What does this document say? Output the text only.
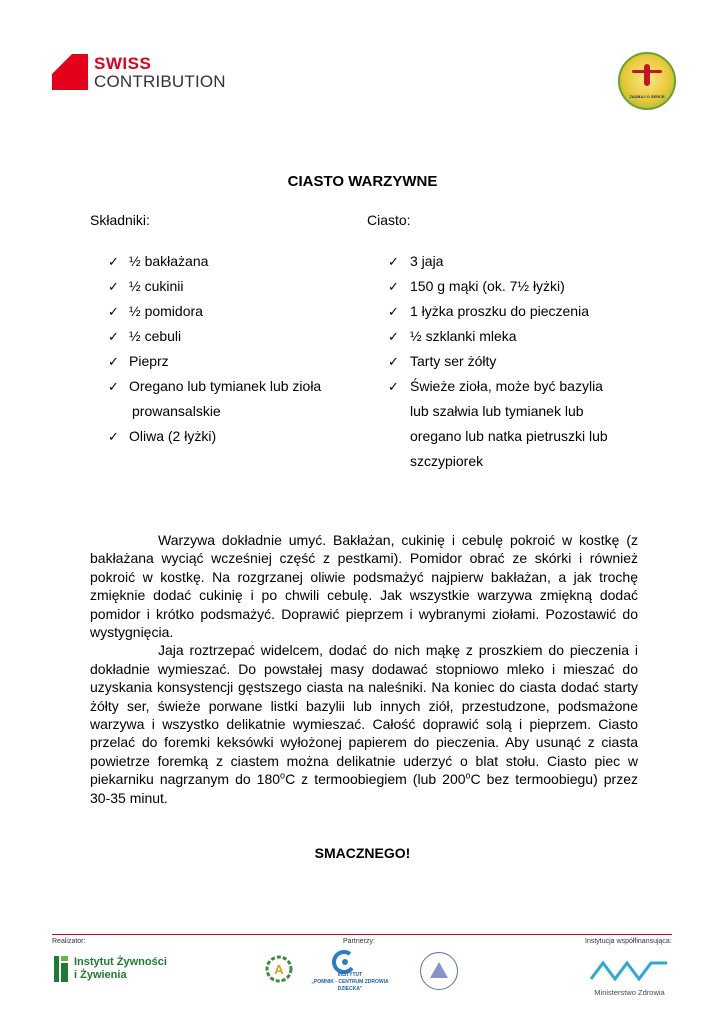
SWISS
CONTRIBUTION
ZADBAJ O SERCE
CIASTO WARZYWNE
Składniki:	Ciasto:
✓ ½ bakłażana
✓ ½ cukinii
✓ ½ pomidora
✓ ½ cebuli
✓ Pieprz
✓ Oregano lub tymianek lub zioła
prowansalskie
✓ Oliwa (2 łyżki)
✓ 3 jaja
✓ 150 g mąki (ok. 7½ łyżki)
✓ 1 łyżka proszku do pieczenia
✓ ½ szklanki mleka
✓ Tarty ser żółty
✓ Świeże zioła, może być bazylia
lub szałwia lub tymianek lub
oregano lub natka pietruszki lub
szczypiorek

Warzywa dokładnie umyć. Bakłażan, cukinię i cebulę pokroić w kostkę (z bakłażana wyciąć wcześniej część z pestkami). Pomidor obrać ze skórki i również pokroić w kostkę. Na rozgrzanej oliwie podsmażyć najpierw bakłażan, a jak trochę zmięknie dodać cukinię i po chwili cebulę. Jak wszystkie warzywa zmiękną dodać pomidor i krótko podsmażyć. Doprawić pieprzem i wybranymi ziołami. Pozostawić do wystygnięcia.

Jaja roztrzepać widelcem, dodać do nich mąkę z proszkiem do pieczenia i dokładnie wymieszać. Do powstałej masy dodawać stopniowo mleko i mieszać do uzyskania konsystencji gęstszego ciasta na naleśniki. Na koniec do ciasta dodać starty żółty ser, świeże porwane listki bazylii lub innych ziół, przestudzone, podsmażone warzywa i wszystko delikatnie wymieszać. Całość doprawić solą i pieprzem. Ciasto przelać do foremki keksówki wyłożonej papierem do pieczenia. Aby usunąć z ciasta powietrze foremką z ciastem można delikatnie uderzyć o blat stołu. Ciasto piec w piekarniku nagrzanym do 180$^o$C z termoobiegiem (lub 200$^o$C bez termoobiegu) przez 30-35 minut.

SMACZNEGO!
Realizator:	Partnerzy:	Instytucja współfinansująca:
Instytut Żywności
i Żywienia	A	INSTYTUT
„POMNIK - CENTRUM ZDROWIA DZIECKA"	Ministerstwo Zdrowia
